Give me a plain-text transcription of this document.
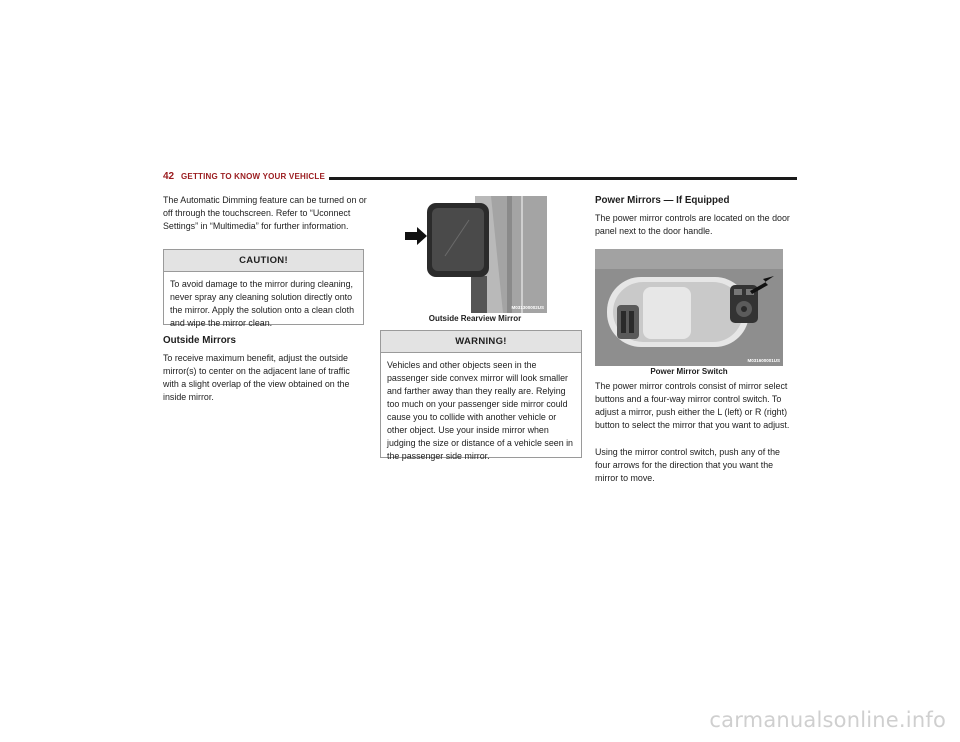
42 GETTING TO KNOW YOUR VEHICLE

The Automatic Dimming feature can be turned on or off through the touchscreen. Refer to “Uconnect Settings” in “Multimedia” for further information.

CAUTION!
To avoid damage to the mirror during cleaning, never spray any cleaning solution directly onto the mirror. Apply the solution onto a clean cloth and wipe the mirror clean.
Outside Mirrors

To receive maximum benefit, adjust the outside mirror(s) to center on the adjacent lane of traffic with a slight overlap of the view obtained on the inside mirror.

M031300002US
Outside Rearview Mirror
WARNING!
Vehicles and other objects seen in the passenger side convex mirror will look smaller and farther away than they really are. Relying too much on your passenger side mirror could cause you to collide with another vehicle or other object. Use your inside mirror when judging the size or distance of a vehicle seen in the passenger side mirror.
Power Mirrors — If Equipped

The power mirror controls are located on the door panel next to the door handle.

M031600001US
Power Mirror Switch

The power mirror controls consist of mirror select buttons and a four-way mirror control switch. To adjust a mirror, push either the L (left) or R (right) button to select the mirror that you want to adjust.

Using the mirror control switch, push any of the four arrows for the direction that you want the mirror to move.

carmanualsonline.info
